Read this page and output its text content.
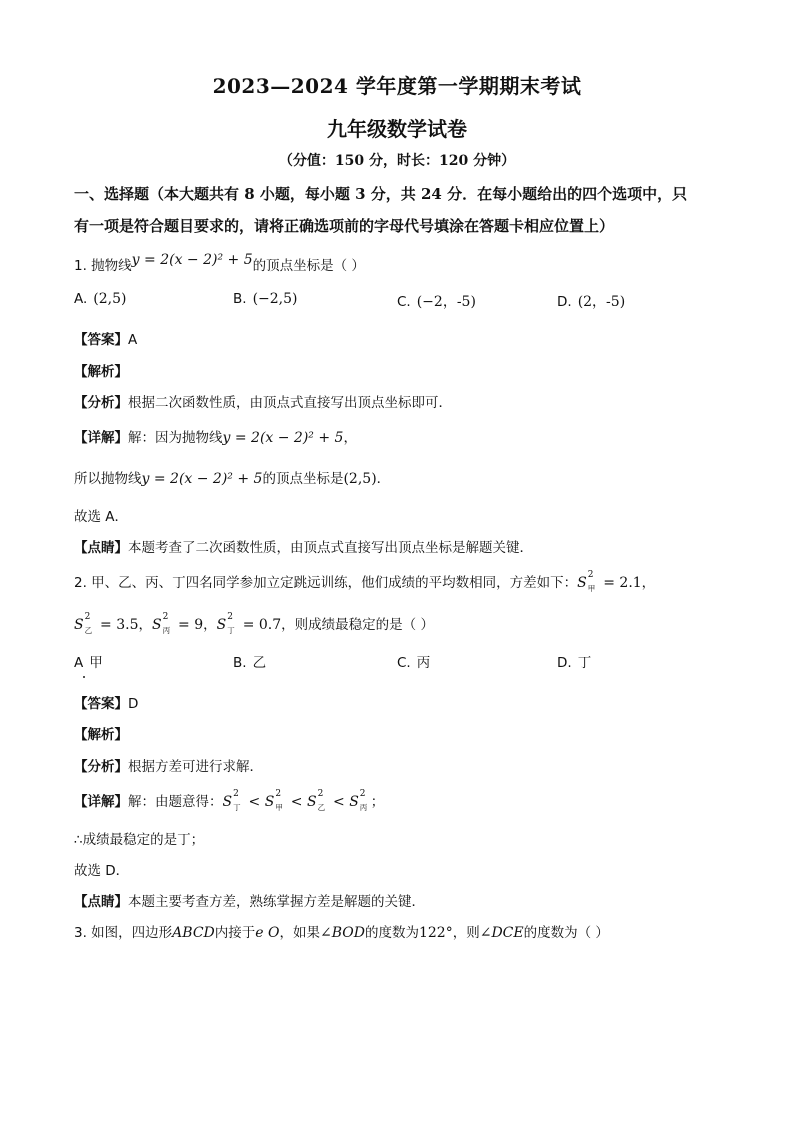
2023—2024 学年度第一学期期末考试
九年级数学试卷
（分值：150 分，时长：120 分钟）
一、选择题（本大题共有 8 小题，每小题 3 分，共 24 分．在每小题给出的四个选项中，只
有一项是符合题目要求的，请将正确选项前的字母代号填涂在答题卡相应位置上）
1. 抛物线y = 2(x − 2)² + 5的顶点坐标是（ ）
A. (2,5)	B. (−2,5)	C. (−2，-5)	D. (2，-5)
【答案】A
【解析】
【分析】根据二次函数性质，由顶点式直接写出顶点坐标即可．
【详解】解：因为抛物线y = 2(x − 2)² + 5，
所以抛物线y = 2(x − 2)² + 5的顶点坐标是(2,5)．
故选 A．
【点睛】本题考查了二次函数性质，由顶点式直接写出顶点坐标是解题关键．
2. 甲、乙、丙、丁四名同学参加立定跳远训练，他们成绩的平均数相同，方差如下：S 2
甲 = 2.1，
S 2
乙 = 3.5，S 2
丙 = 9，S 2
丁 = 0.7，则成绩最稳定的是（ ）
A 甲	B. 乙	C. 丙	D. 丁
【答案】D
【解析】
【分析】根据方差可进行求解．
【详解】解：由题意得：S 2
丁 < S 2
甲 < S 2
乙 < S 2
丙 ；
∴成绩最稳定的是丁；
故选 D．
【点睛】本题主要考查方差，熟练掌握方差是解题的关键．
3. 如图，四边形ABCD内接于e O，如果∠BOD的度数为122°，则∠DCE的度数为（ ）
